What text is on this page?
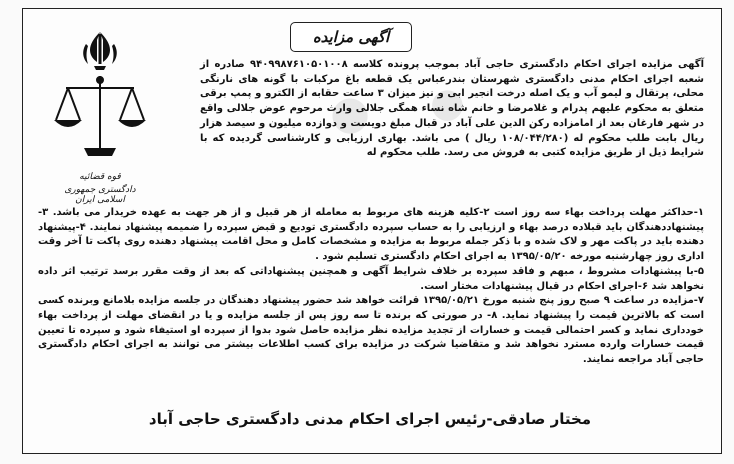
● ●
آگهی مزایده
قوه قضائیه
دادگستری جمهوری اسلامی ایران
آگهی مزایده اجرای احکام دادگستری حاجی آباد بموجب پرونده کلاسه ۹۴۰۹۹۸۷۶۱۰۵۰۱۰۰۸ صادره از شعبه اجرای احکام مدنی دادگستری شهرستان بندرعباس یک قطعه باغ مرکبات با گونه های نارنگی محلی، پرتقال و لیمو آب و یک اصله درخت انجیر ابی و نیز میزان ۳ ساعت حقابه از الکترو و پمپ برقی متعلق به محکوم علیهم پدرام و غلامرضا و خانم شاه نساء همگی جلالی وارث مرحوم عوض جلالی واقع در شهر فارغان بعد از امامزاده رکن الدین علی آباد در قبال مبلغ دویست و دوازده میلیون و سیصد هزار ریال بابت طلب محکوم له (۱۰۸/۰۴۴/۲۸۰ ریال ) می باشد. بهاری ارزیابی و کارشناسی گردیده که با شرایط ذیل از طریق مزایده کتبی به فروش می رسد. طلب محکوم له
۱-حداکثر مهلت پرداخت بهاء سه روز است ۲-کلیه هزینه های مربوط به معامله از هر قبیل و از هر جهت به عهده خریدار می باشد. ۳- پیشنهاددهندگان باید قبلاده درصد بهاء و ارزیابی را به حساب سپرده دادگستری توديع و قبض سپرده را ضمیمه پیشنهاد نمایند. ۴-پیشنهاد دهنده باید در پاکت مهر و لاک شده و با ذکر جمله مربوط به مزایده و مشخصات کامل و محل اقامت پیشنهاد دهنده روی پاکت تا آخر وقت اداری روز چهارشنبه مورخه ۱۳۹۵/۰۵/۲۰ به اجرای احکام دادگستری تسلیم شود .
۵-با پیشنهادات مشروط ، مبهم و فاقد سپرده بر خلاف شرایط آگهی و همچنین پیشنهاداتی که بعد از وقت مقرر برسد ترتیب اثر داده نخواهد شد ۶-اجرای احکام در قبال پیشنهادات مختار است.
۷-مزایده در ساعت ۹ صبح روز پنج شنبه مورخ ۱۳۹۵/۰۵/۲۱ قرائت خواهد شد حضور پیشنهاد دهندگان در جلسه مزایده بلامانع وبرنده کسی است که بالاترین قیمت را پیشنهاد نماید. ۸- در صورتی که برنده تا سه روز پس از جلسه مزایده و یا در انقضای مهلت از پرداخت بهاء خودداری نماید و کسر احتمالی قیمت و خسارات از تجدید مزایده نظر مزایده حاصل شود بدوا از سپرده او استیفاء شود و سپرده تا تعیین قیمت خسارات وارده مسترد نخواهد شد و متقاضیا شرکت در مزایده برای کسب اطلاعات بیشتر می توانند به اجرای احکام دادگستری حاجی آباد مراجعه نمایند.
مختار صادقی-رئیس اجرای احکام مدنی دادگستری حاجی آباد
